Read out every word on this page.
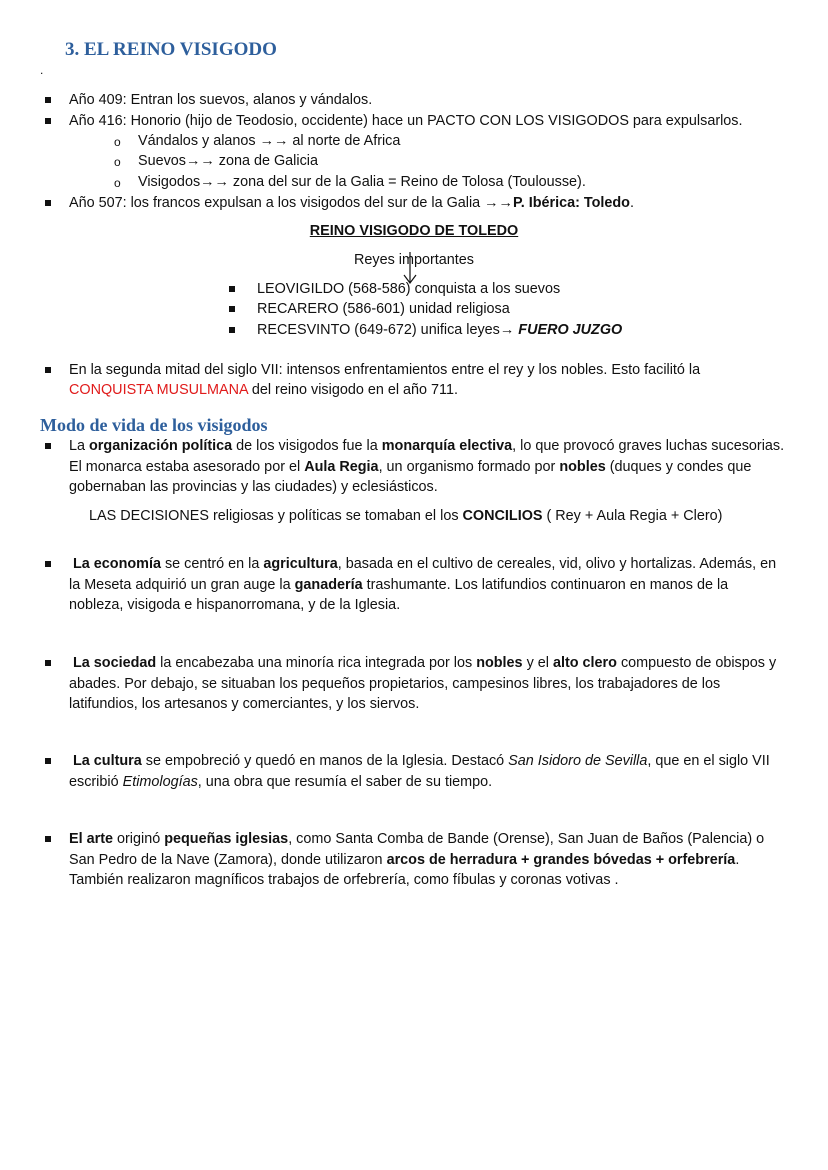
3. EL REINO VISIGODO
.
Año 409: Entran los suevos, alanos y vándalos.
Año 416: Honorio (hijo de Teodosio, occidente) hace un PACTO CON LOS VISIGODOS para expulsarlos.
o Vándalos y alanos →→ al norte de Africa
o Suevos→→ zona de Galicia
o Visigodos→→ zona del sur de la Galia = Reino de Tolosa (Toulousse).
Año 507: los francos expulsan a los visigodos del sur de la Galia →→P. Ibérica: Toledo.
REINO VISIGODO DE TOLEDO
Reyes importantes
LEOVIGILDO (568-586) conquista a los suevos
RECARERO (586-601) unidad religiosa
RECESVINTO (649-672) unifica leyes→ FUERO JUZGO
En la segunda mitad del siglo VII: intensos enfrentamientos entre el rey y los nobles. Esto facilitó la
CONQUISTA MUSULMANA del reino visigodo en el año 711.
Modo de vida de los visigodos
La organización política de los visigodos fue la monarquía electiva, lo que provocó graves luchas sucesorias. El monarca estaba asesorado por el Aula Regia, un organismo formado por nobles (duques y condes que gobernaban las provincias y las ciudades) y eclesiásticos.
LAS DECISIONES religiosas y políticas se tomaban el los CONCILIOS ( Rey + Aula Regia + Clero)
La economía se centró en la agricultura, basada en el cultivo de cereales, vid, olivo y hortalizas. Además, en la Meseta adquirió un gran auge la ganadería trashumante. Los latifundios continuaron en manos de la nobleza, visigoda e hispanorromana, y de la Iglesia.
La sociedad la encabezaba una minoría rica integrada por los nobles y el alto clero compuesto de obispos y abades. Por debajo, se situaban los pequeños propietarios, campesinos libres, los trabajadores de los latifundios, los artesanos y comerciantes, y los siervos.
La cultura se empobreció y quedó en manos de la Iglesia. Destacó San Isidoro de Sevilla, que en el siglo VII escribió Etimologías, una obra que resumía el saber de su tiempo.
El arte originó pequeñas iglesias, como Santa Comba de Bande (Orense), San Juan de Baños (Palencia) o San Pedro de la Nave (Zamora), donde utilizaron arcos de herradura + grandes bóvedas + orfebrería. También realizaron magníficos trabajos de orfebrería, como fíbulas y coronas votivas .
